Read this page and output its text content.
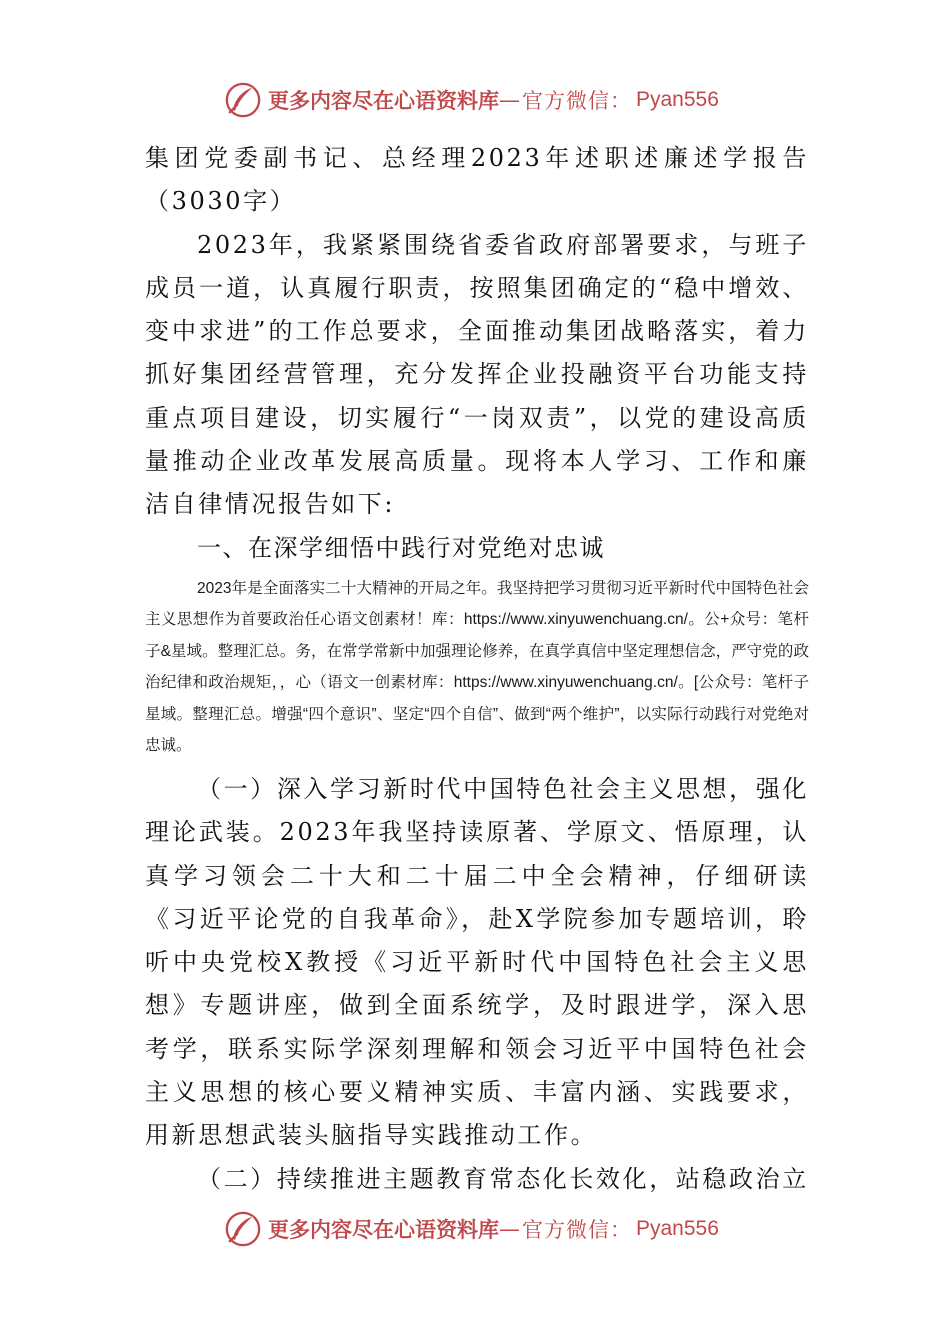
更多内容尽在心语资料库 — 官方微信： Pyan556

集团党委副书记、总经理2023年述职述廉述学报告（3030字）

2023年，我紧紧围绕省委省政府部署要求，与班子成员一道，认真履行职责，按照集团确定的“稳中增效、变中求进”的工作总要求，全面推动集团战略落实，着力抓好集团经营管理，充分发挥企业投融资平台功能支持重点项目建设，切实履行“一岗双责”，以党的建设高质量推动企业改革发展高质量。现将本人学习、工作和廉洁自律情况报告如下:

一、在深学细悟中践行对党绝对忠诚

2023年是全面落实二十大精神的开局之年。我坚持把学习贯彻习近平新时代中国特色社会主义思想作为首要政治任心语文创素材！库：https://www.xinyuwenchuang.cn/。公+众号：笔杆子&星域。整理汇总。务，在常学常新中加强理论修养，在真学真信中坚定理想信念，严守党的政治纪律和政治规矩，，心（语文一创素材库：https://www.xinyuwenchuang.cn/。[公众号：笔杆子星域。整理汇总。增强“四个意识”、坚定“四个自信”、做到“两个维护”，以实际行动践行对党绝对忠诚。

（一）深入学习新时代中国特色社会主义思想，强化理论武装。2023年我坚持读原著、学原文、悟原理，认真学习领会二十大和二十届二中全会精神，仔细研读《习近平论党的自我革命》，赴X学院参加专题培训，聆听中央党校X教授《习近平新时代中国特色社会主义思想》专题讲座，做到全面系统学，及时跟进学，深入思考学，联系实际学深刻理解和领会习近平中国特色社会主义思想的核心要义精神实质、丰富内涵、实践要求，用新思想武装头脑指导实践推动工作。

（二）持续推进主题教育常态化长效化，站稳政治立

更多内容尽在心语资料库 — 官方微信： Pyan556
